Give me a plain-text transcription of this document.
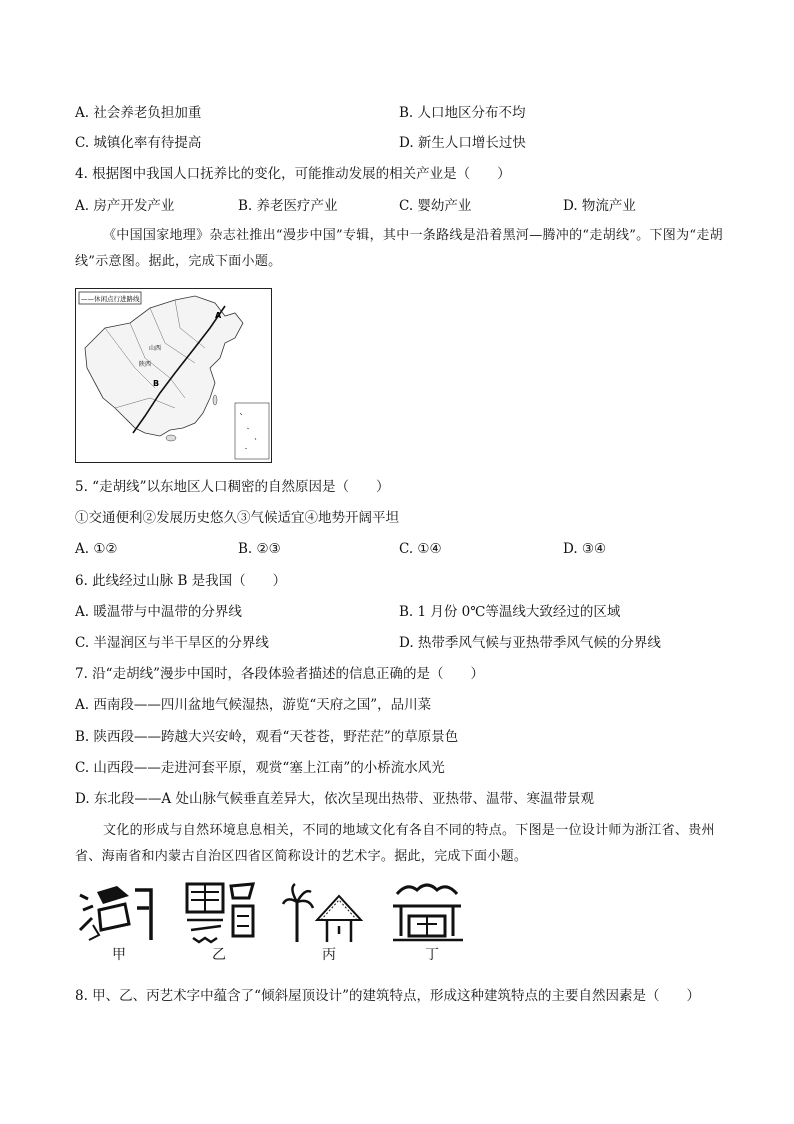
A. 社会养老负担加重	B. 人口地区分布不均
C. 城镇化率有待提高	D. 新生人口增长过快
4. 根据图中我国人口抚养比的变化，可能推动发展的相关产业是（　　）
A. 房产开发产业	B. 养老医疗产业	C. 婴幼产业	D. 物流产业
《中国国家地理》杂志社推出“漫步中国”专辑，其中一条路线是沿着黑河—腾冲的“走胡线”。下图为“走胡线”示意图。据此，完成下面小题。
——休闲点行进路线
山西
陕西
B
A
5. “走胡线”以东地区人口稠密的自然原因是（　　）
①交通便利②发展历史悠久③气候适宜④地势开阔平坦
A. ①②	B. ②③	C. ①④	D. ③④
6. 此线经过山脉 B 是我国（　　）
A. 暖温带与中温带的分界线	B. 1 月份 0℃等温线大致经过的区域
C. 半湿润区与半干旱区的分界线	D. 热带季风气候与亚热带季风气候的分界线
7. 沿“走胡线”漫步中国时，各段体验者描述的信息正确的是（　　）
A. 西南段——四川盆地气候湿热，游览“天府之国”，品川菜
B. 陕西段——跨越大兴安岭，观看“天苍苍，野茫茫”的草原景色
C. 山西段——走进河套平原，观赏“塞上江南”的小桥流水风光
D. 东北段——A 处山脉气候垂直差异大，依次呈现出热带、亚热带、温带、寒温带景观
文化的形成与自然环境息息相关，不同的地域文化有各自不同的特点。下图是一位设计师为浙江省、贵州省、海南省和内蒙古自治区四省区简称设计的艺术字。据此，完成下面小题。
甲	乙	丙	丁
8. 甲、乙、丙艺术字中蕴含了“倾斜屋顶设计”的建筑特点，形成这种建筑特点的主要自然因素是（　　）
